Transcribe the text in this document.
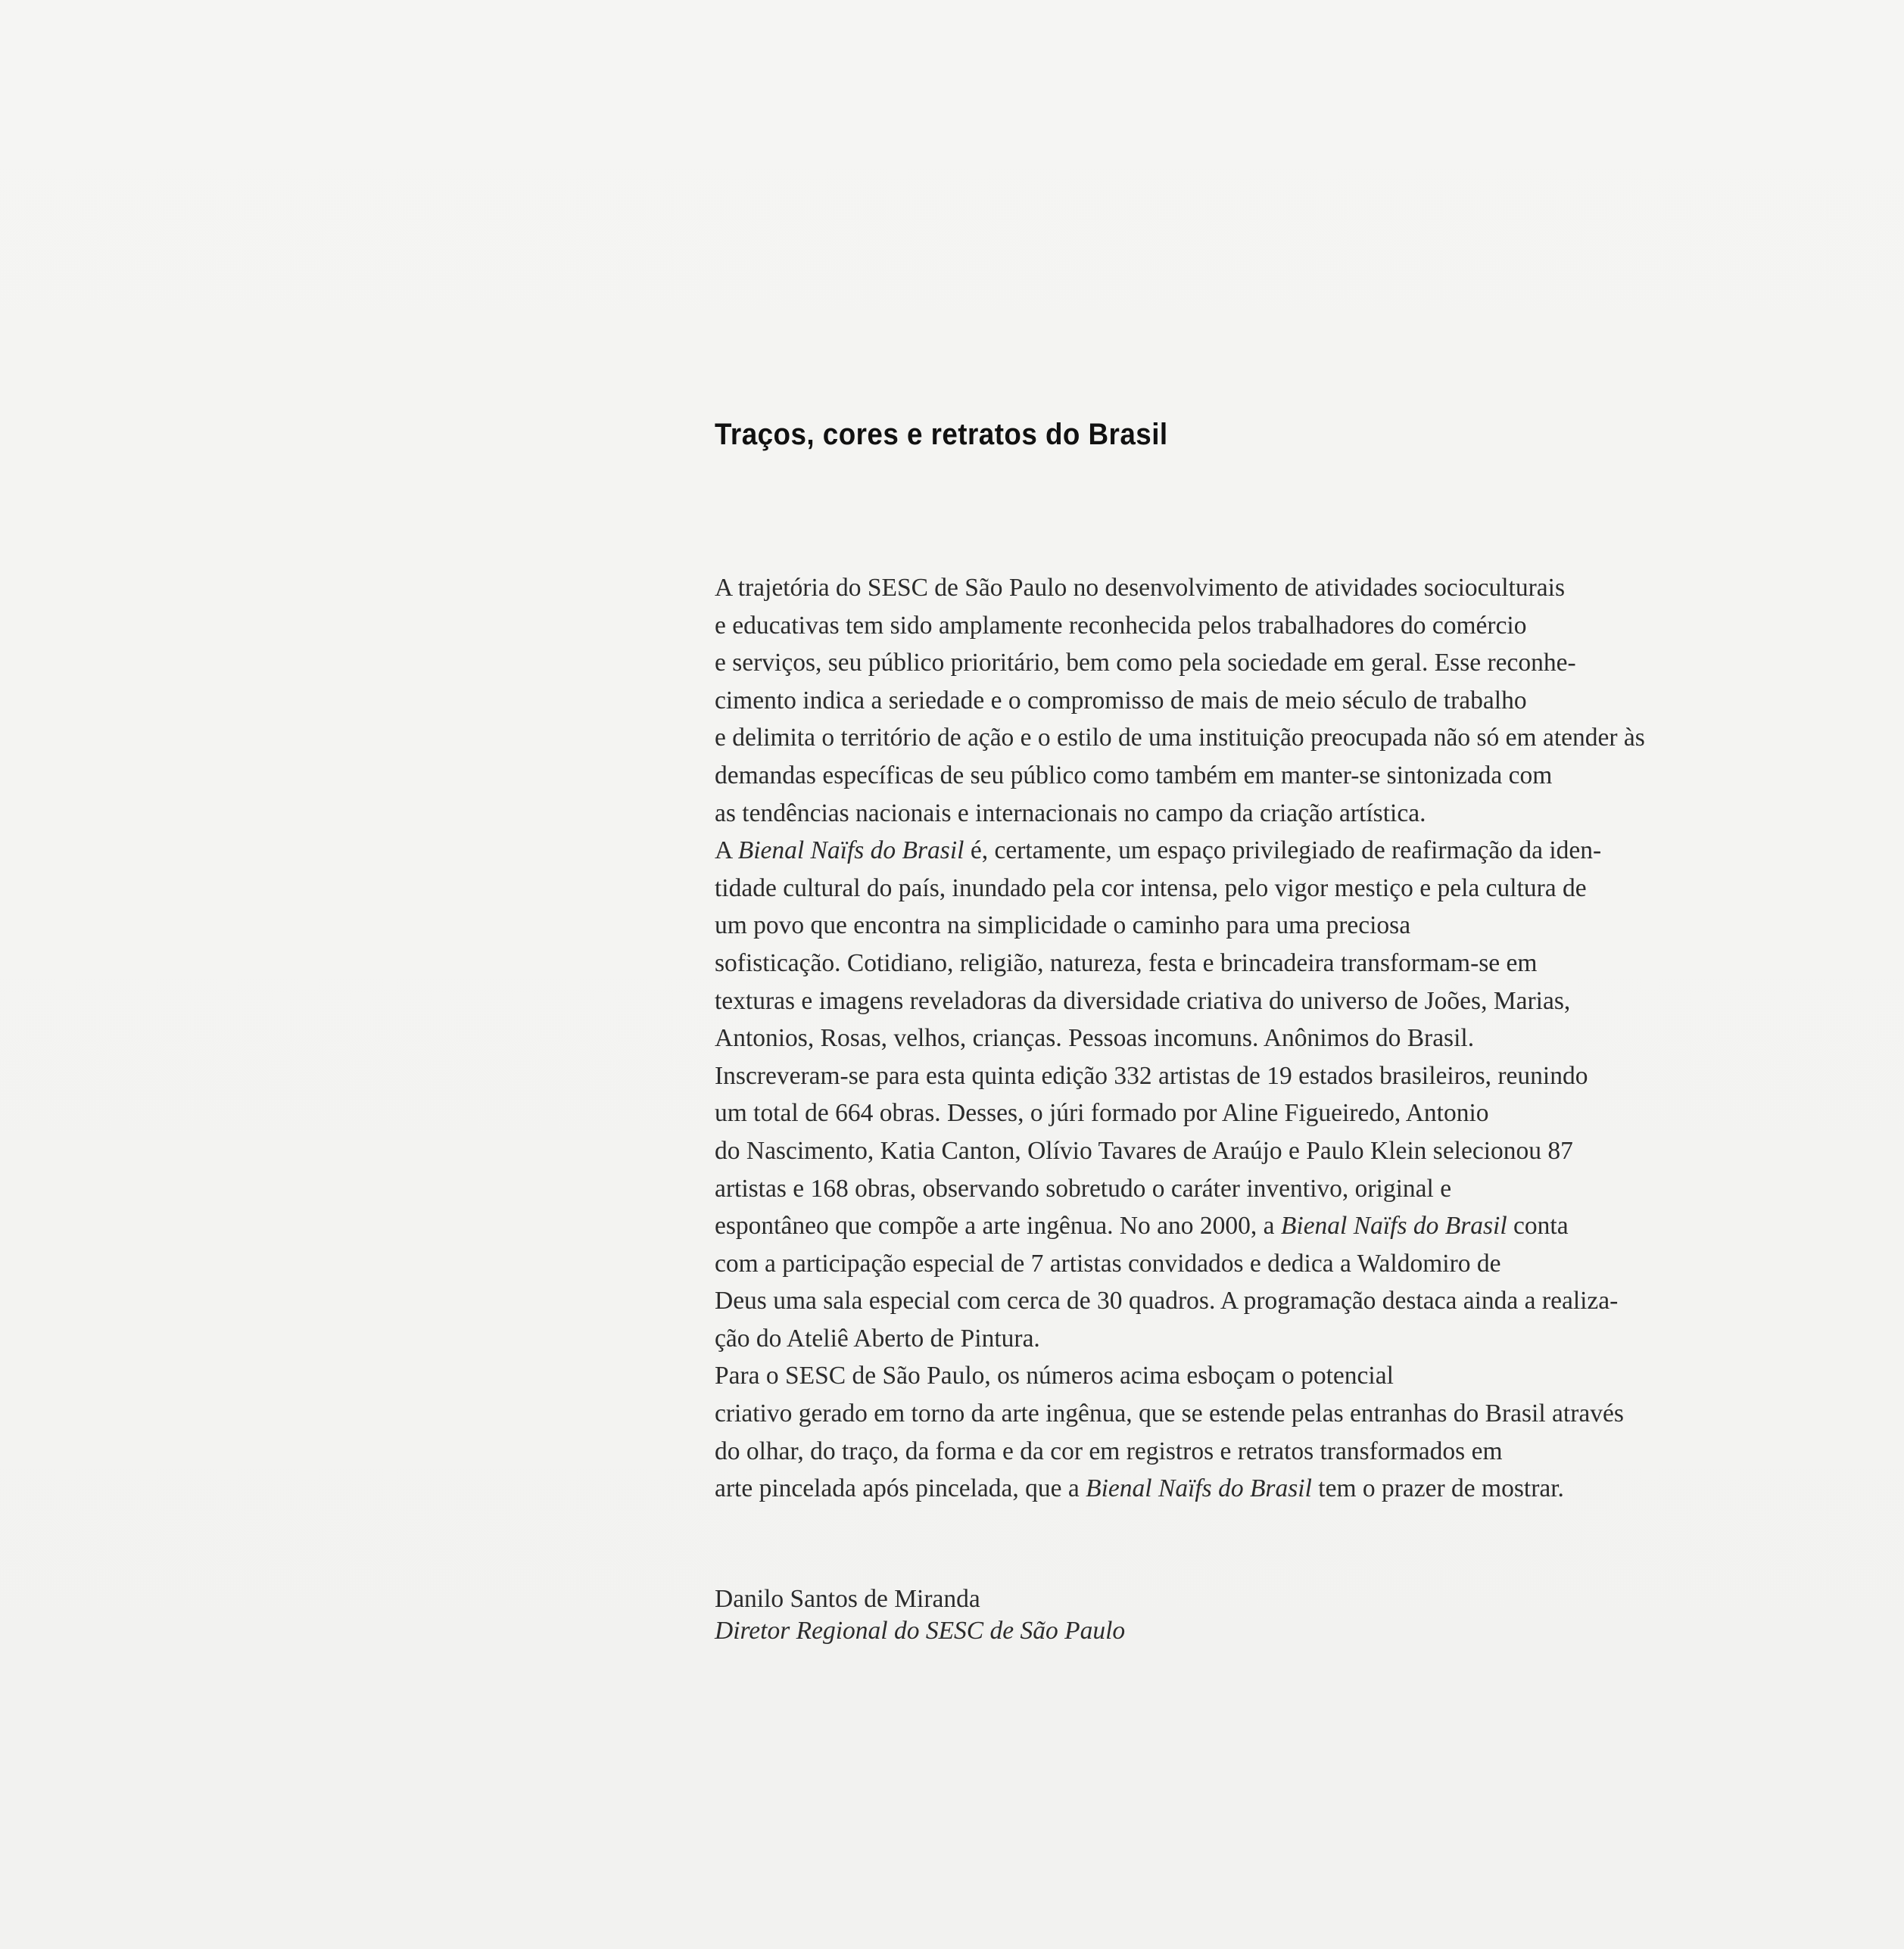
Traços, cores e retratos do Brasil
A trajetória do SESC de São Paulo no desenvolvimento de atividades socioculturais
e educativas tem sido amplamente reconhecida pelos trabalhadores do comércio
e serviços, seu público prioritário, bem como pela sociedade em geral. Esse reconhe-
cimento indica a seriedade e o compromisso de mais de meio século de trabalho
e delimita o território de ação e o estilo de uma instituição preocupada não só em atender às
demandas específicas de seu público como também em manter-se sintonizada com
as tendências nacionais e internacionais no campo da criação artística.
A Bienal Naïfs do Brasil é, certamente, um espaço privilegiado de reafirmação da iden-
tidade cultural do país, inundado pela cor intensa, pelo vigor mestiço e pela cultura de
um povo que encontra na simplicidade o caminho para uma preciosa
sofisticação. Cotidiano, religião, natureza, festa e brincadeira transformam-se em
texturas e imagens reveladoras da diversidade criativa do universo de Joões, Marias,
Antonios, Rosas, velhos, crianças. Pessoas incomuns. Anônimos do Brasil.
Inscreveram-se para esta quinta edição 332 artistas de 19 estados brasileiros, reunindo
um total de 664 obras. Desses, o júri formado por Aline Figueiredo, Antonio
do Nascimento, Katia Canton, Olívio Tavares de Araújo e Paulo Klein selecionou 87
artistas e 168 obras, observando sobretudo o caráter inventivo, original e
espontâneo que compõe a arte ingênua. No ano 2000, a Bienal Naïfs do Brasil conta
com a participação especial de 7 artistas convidados e dedica a Waldomiro de
Deus uma sala especial com cerca de 30 quadros. A programação destaca ainda a realiza-
ção do Ateliê Aberto de Pintura.
Para o SESC de São Paulo, os números acima esboçam o potencial
criativo gerado em torno da arte ingênua, que se estende pelas entranhas do Brasil através
do olhar, do traço, da forma e da cor em registros e retratos transformados em
arte pincelada após pincelada, que a Bienal Naïfs do Brasil tem o prazer de mostrar.
Danilo Santos de Miranda
Diretor Regional do SESC de São Paulo
